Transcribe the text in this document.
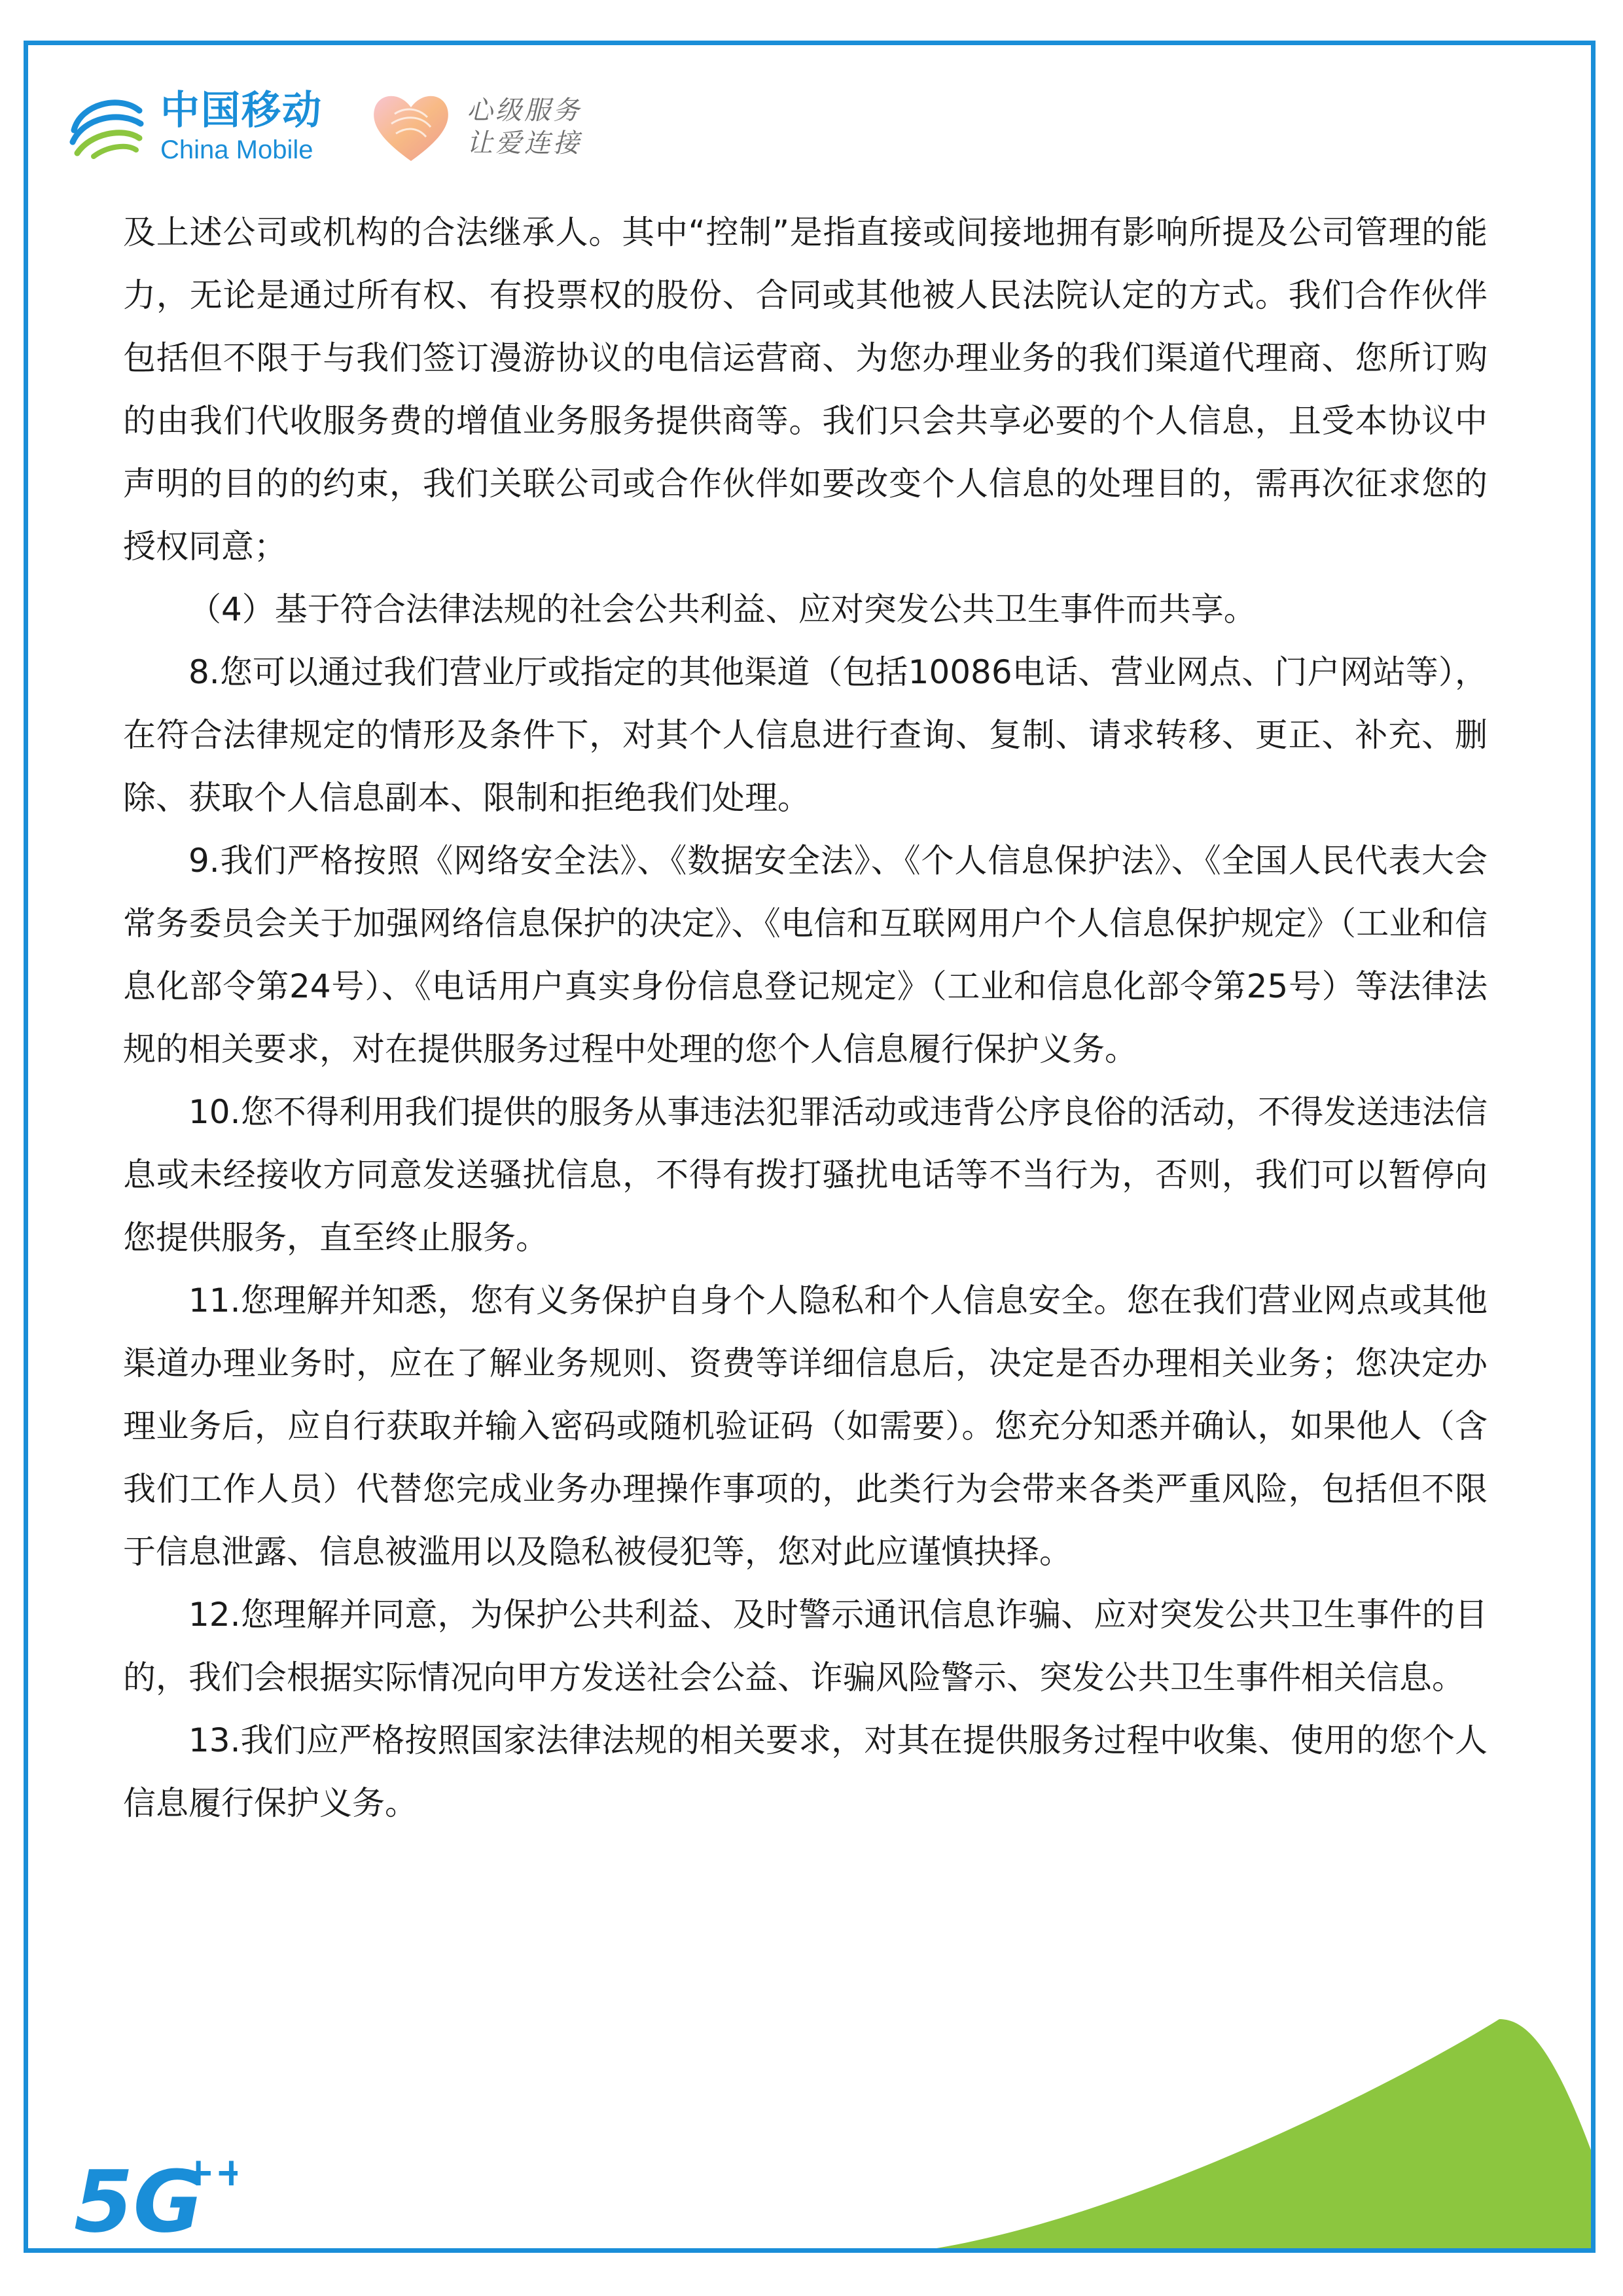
中国移动
China Mobile
心级服务
让爱连接

及上述公司或机构的合法继承人。其中“控制”是指直接或间接地拥有影响所提及公司管理的能力，无论是通过所有权、有投票权的股份、合同或其他被人民法院认定的方式。我们合作伙伴包括但不限于与我们签订漫游协议的电信运营商、为您办理业务的我们渠道代理商、您所订购的由我们代收服务费的增值业务服务提供商等。我们只会共享必要的个人信息，且受本协议中声明的目的的约束，我们关联公司或合作伙伴如要改变个人信息的处理目的，需再次征求您的授权同意；

（4）基于符合法律法规的社会公共利益、应对突发公共卫生事件而共享。

8.您可以通过我们营业厅或指定的其他渠道（包括10086电话、营业网点、门户网站等），在符合法律规定的情形及条件下，对其个人信息进行查询、复制、请求转移、更正、补充、删除、获取个人信息副本、限制和拒绝我们处理。

9.我们严格按照《网络安全法》、《数据安全法》、《个人信息保护法》、《全国人民代表大会常务委员会关于加强网络信息保护的决定》、《电信和互联网用户个人信息保护规定》（工业和信息化部令第24号）、《电话用户真实身份信息登记规定》（工业和信息化部令第25号）等法律法规的相关要求，对在提供服务过程中处理的您个人信息履行保护义务。

10.您不得利用我们提供的服务从事违法犯罪活动或违背公序良俗的活动，不得发送违法信息或未经接收方同意发送骚扰信息，不得有拨打骚扰电话等不当行为，否则，我们可以暂停向您提供服务，直至终止服务。

11.您理解并知悉，您有义务保护自身个人隐私和个人信息安全。您在我们营业网点或其他渠道办理业务时，应在了解业务规则、资费等详细信息后，决定是否办理相关业务；您决定办理业务后，应自行获取并输入密码或随机验证码（如需要）。您充分知悉并确认，如果他人（含我们工作人员）代替您完成业务办理操作事项的，此类行为会带来各类严重风险，包括但不限于信息泄露、信息被滥用以及隐私被侵犯等，您对此应谨慎抉择。

12.您理解并同意，为保护公共利益、及时警示通讯信息诈骗、应对突发公共卫生事件的目的，我们会根据实际情况向甲方发送社会公益、诈骗风险警示、突发公共卫生事件相关信息。

13.我们应严格按照国家法律法规的相关要求，对其在提供服务过程中收集、使用的您个人信息履行保护义务。

5G
+
